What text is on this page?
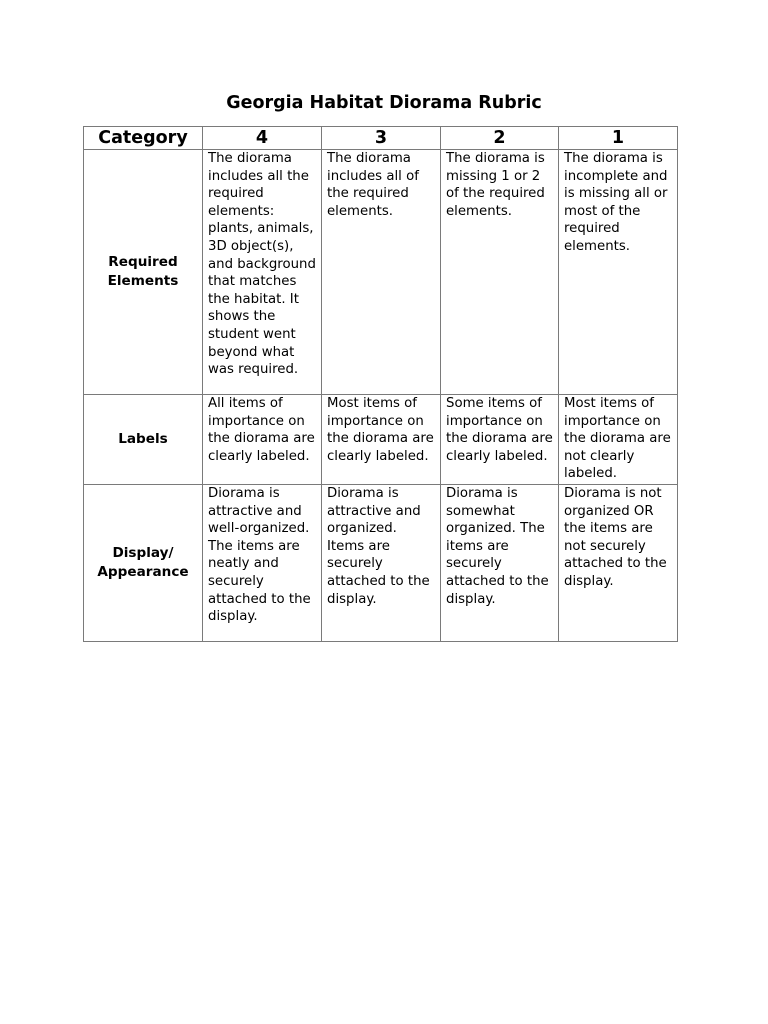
Georgia Habitat Diorama Rubric
Category	4	3	2	1
Required Elements	The diorama includes all the required elements: plants, animals, 3D object(s), and background that matches the habitat. It shows the student went beyond what was required.	The diorama includes all of the required elements.	The diorama is missing 1 or 2 of the required elements.	The diorama is incomplete and is missing all or most of the required elements.
Labels	All items of importance on the diorama are clearly labeled.	Most items of importance on the diorama are clearly labeled.	Some items of importance on the diorama are clearly labeled.	Most items of importance on the diorama are not clearly labeled.
Display/ Appearance	Diorama is attractive and well-organized. The items are neatly and securely attached to the display.	Diorama is attractive and organized. Items are securely attached to the display.	Diorama is somewhat organized. The items are securely attached to the display.	Diorama is not organized OR the items are not securely attached to the display.
